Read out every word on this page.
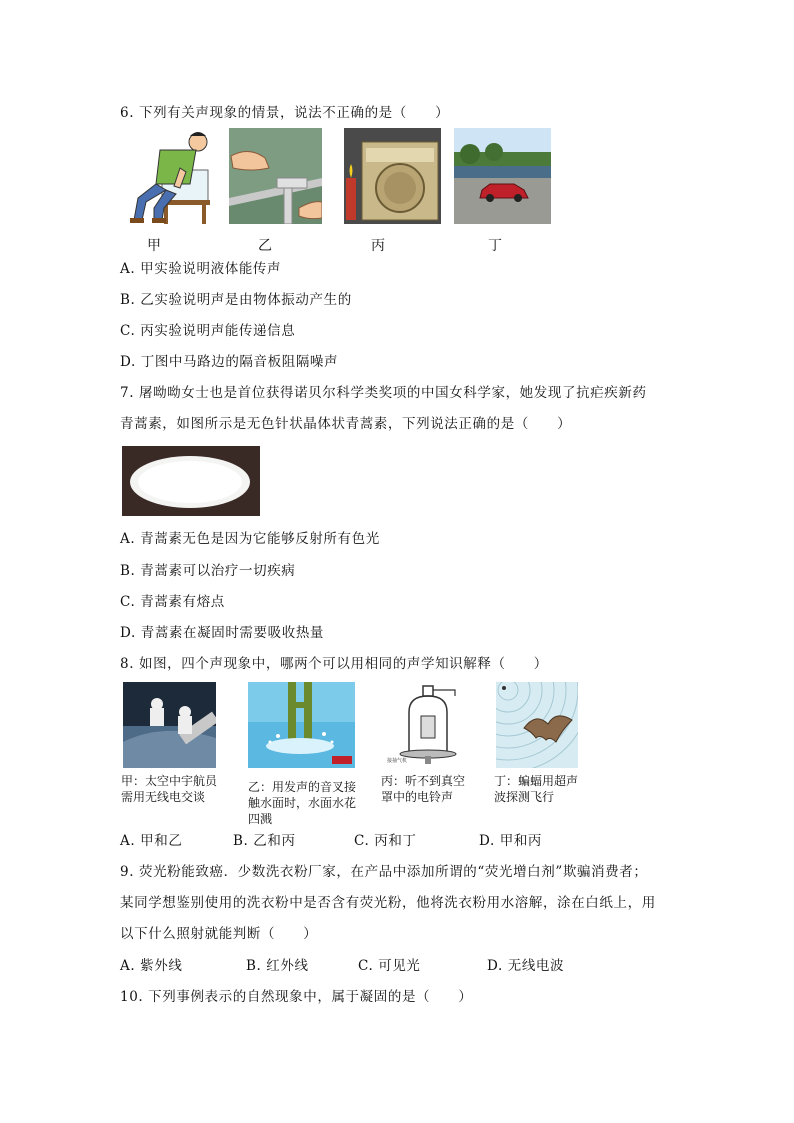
6. 下列有关声现象的情景，说法不正确的是（　　）
甲	乙	丙	丁
A. 甲实验说明液体能传声
B. 乙实验说明声是由物体振动产生的
C. 丙实验说明声能传递信息
D. 丁图中马路边的隔音板阻隔噪声
7. 屠呦呦女士也是首位获得诺贝尔科学类奖项的中国女科学家，她发现了抗疟疾新药
青蒿素，如图所示是无色针状晶体状青蒿素，下列说法正确的是（　　）
A. 青蒿素无色是因为它能够反射所有色光
B. 青蒿素可以治疗一切疾病
C. 青蒿素有熔点
D. 青蒿素在凝固时需要吸收热量
8. 如图，四个声现象中，哪两个可以用相同的声学知识解释（　　）
接抽气机
甲：太空中宇航员
需用无线电交谈
乙：用发声的音叉接
触水面时，水面水花
四溅
丙：听不到真空
罩中的电铃声
丁：蝙蝠用超声
波探测飞行
A. 甲和乙	B. 乙和丙	C. 丙和丁	D. 甲和丙
9. 荧光粉能致癌．少数洗衣粉厂家，在产品中添加所谓的“荧光增白剂”欺骗消费者；
某同学想鉴别使用的洗衣粉中是否含有荧光粉，他将洗衣粉用水溶解，涂在白纸上，用
以下什么照射就能判断（　　）
A. 紫外线	B. 红外线	C. 可见光	D. 无线电波
10. 下列事例表示的自然现象中，属于凝固的是（　　）
